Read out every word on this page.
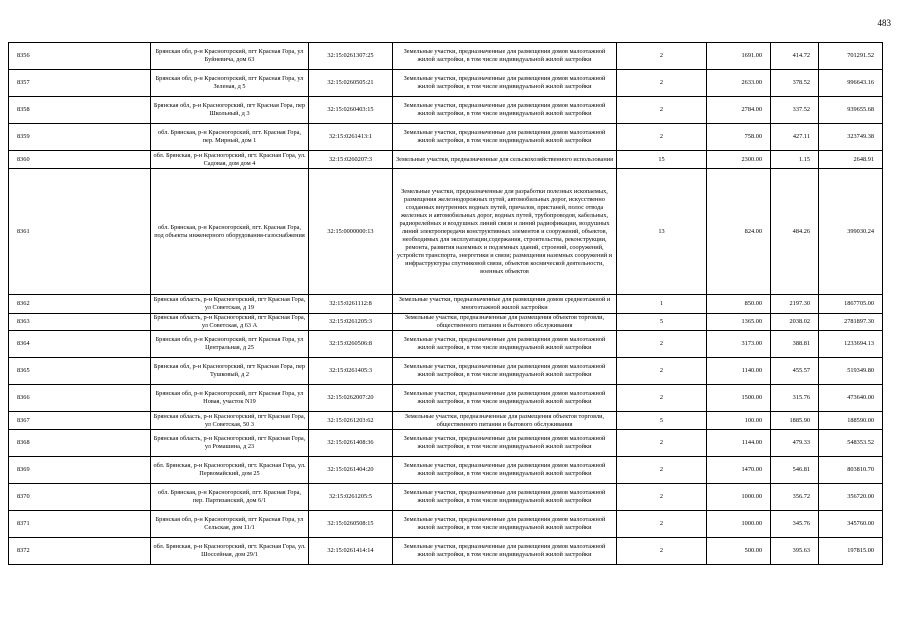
483
8356	Брянская обл, р-н Красногорский, пгт Красная Гора, ул Буйневича, дом 63	32:15:0261307:25	Земельные участки, предназначенные для размещения домов малоэтажной жилой застройки, в том числе индивидуальной жилой застройки	2	1691.00	414.72	701291.52
8357	Брянская обл, р-н Красногорский, пгт Красная Гора, ул Зеленая, д 5	32:15:0260505:21	Земельные участки, предназначенные для размещения домов малоэтажной жилой застройки, в том числе индивидуальной жилой застройки	2	2633.00	378.52	996643.16
8358	Брянская обл, р-н Красногорский, пгт Красная Гора, пер Школьный, д 3	32:15:0260403:15	Земельные участки, предназначенные для размещения домов малоэтажной жилой застройки, в том числе индивидуальной жилой застройки	2	2784.00	337.52	939655.68
8359	обл. Брянская, р-н Красногорский, пгт. Красная Гора, пер. Мирный, дом 1	32:15:0261413:1	Земельные участки, предназначенные для размещения домов малоэтажной жилой застройки, в том числе индивидуальной жилой застройки	2	758.00	427.11	323749.38
8360	обл. Брянская, р-н Красногорский, пгт. Красная Гора, ул. Садовая, дом дом 4	32:15:0260207:3	Земельные участки, предназначенные для сельскохозяйственного использования	15	2300.00	1.15	2648.91
8361	обл. Брянская, р-н Красногорский, пгт. Красная Гора, под объекты инженерного оборудования-газоснабжения	32:15:0000000:13	Земельные участки, предназначенные для разработки полезных ископаемых, размещения железнодорожных путей, автомобильных дорог, искусственно созданных внутренних водных путей, причалов, пристаней, полос отвода железных и автомобильных дорог, водных путей, трубопроводов, кабельных, радиорелейных и воздушных линий связи и линий радиофикации, воздушных линий электропередачи конструктивных элементов и сооружений, объектов, необходимых для эксплуатации,содержания, строительства, реконструкции, ремонта, развития наземных и подземных зданий, строений, сооружений, устройств транспорта, энергетики и связи; размещения наземных сооружений и инфраструктуры спутниковой связи, объектов космической деятельности, военных объектов	13	824.00	484.26	399030.24
8362	Брянская область, р-н Красногорский, пгт Красная Гора, ул Советская, д 19	32:15:0261112:8	Земельные участки, предназначенные для размещения домов среднеэтажной и многоэтажной жилой застройки	1	850.00	2197.30	1867705.00
8363	Брянская область, р-н Красногорский, пгт Красная Гора, ул Советская, д 63 А	32:15:0261205:3	Земельные участки, предназначенные для размещения объектов торговли, общественного питания и бытового обслуживания	5	1365.00	2038.02	2781897.30
8364	Брянская обл, р-н Красногорский, пгт Красная Гора, ул Центральная, д 25	32:15:0260506:8	Земельные участки, предназначенные для размещения домов малоэтажной жилой застройки, в том числе индивидуальной жилой застройки	2	3173.00	388.81	1233694.13
8365	Брянская обл, р-н Красногорский, пгт Красная Гора, пер Тушковый, д 2	32:15:0261405:3	Земельные участки, предназначенные для размещения домов малоэтажной жилой застройки, в том числе индивидуальной жилой застройки	2	1140.00	455.57	519349.80
8366	Брянская обл, р-н Красногорский, пгт Красная Гора, ул Новая, участок N19	32:15:0262007:20	Земельные участки, предназначенные для размещения домов малоэтажной жилой застройки, в том числе индивидуальной жилой застройки	2	1500.00	315.76	473640.00
8367	Брянская область, р-н Красногорский, пгт Красная Гора, ул Советская, 50 3	32:15:0261203:62	Земельные участки, предназначенные для размещения объектов торговли, общественного питания и бытового обслуживания	5	100.00	1885.90	188590.00
8368	Брянская область, р-н Красногорский, пгт Красная Гора, ул Ромашина, д 23	32:15:0261408:36	Земельные участки, предназначенные для размещения домов малоэтажной жилой застройки, в том числе индивидуальной жилой застройки	2	1144.00	479.33	548353.52
8369	обл. Брянская, р-н Красногорский, пгт. Красная Гора, ул. Первомайский, дом 25	32:15:0261404:20	Земельные участки, предназначенные для размещения домов малоэтажной жилой застройки, в том числе индивидуальной жилой застройки	2	1470.00	546.81	803810.70
8370	обл. Брянская, р-н Красногорский, пгт. Красная Гора, пер. Партизанский, дом 6/1	32:15:0261205:5	Земельные участки, предназначенные для размещения домов малоэтажной жилой застройки, в том числе индивидуальной жилой застройки	2	1000.00	356.72	356720.00
8371	Брянская обл, р-н Красногорский, пгт Красная Гора, ул Сельская, дом 11/1	32:15:0260508:15	Земельные участки, предназначенные для размещения домов малоэтажной жилой застройки, в том числе индивидуальной жилой застройки	2	1000.00	345.76	345760.00
8372	обл. Брянская, р-н Красногорский, пгт. Красная Гора, ул. Шоссейная, дом 29/1	32:15:0261414:14	Земельные участки, предназначенные для размещения домов малоэтажной жилой застройки, в том числе индивидуальной жилой застройки	2	500.00	395.63	197815.00
